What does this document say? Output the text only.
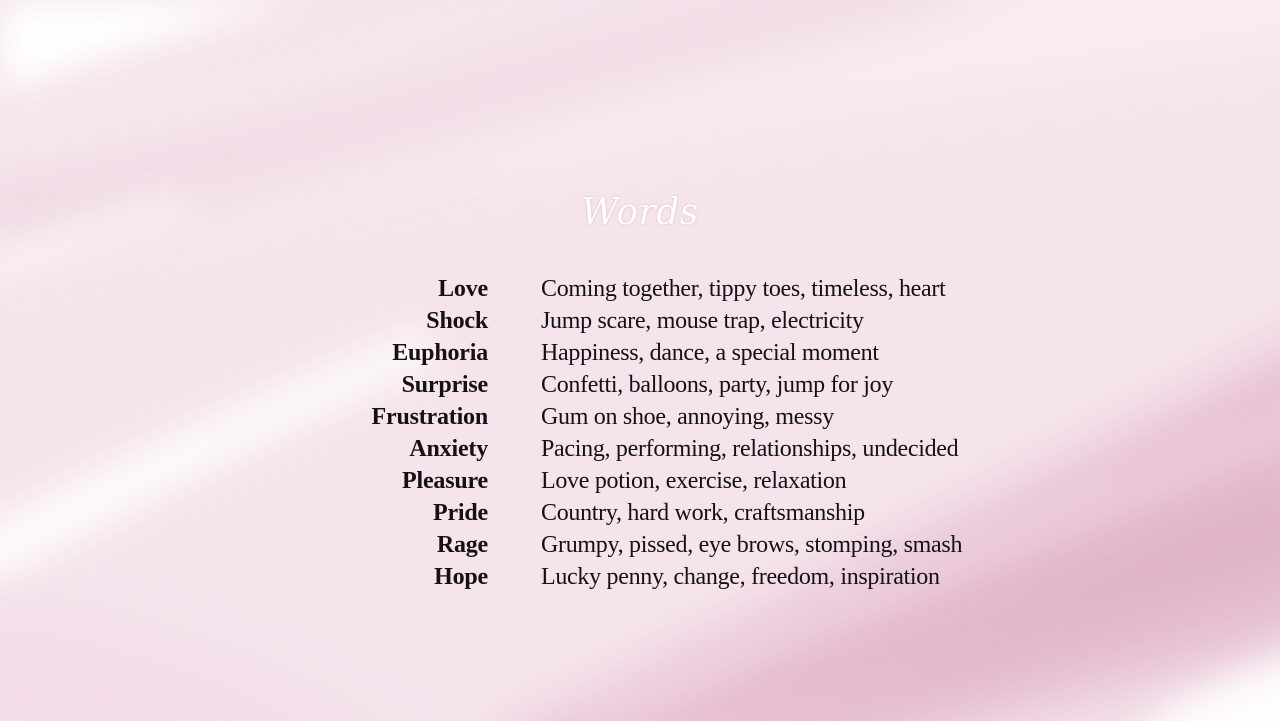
Words
Love Coming together, tippy toes, timeless, heart
Shock Jump scare, mouse trap, electricity
Euphoria Happiness, dance, a special moment
Surprise Confetti, balloons, party, jump for joy
Frustration Gum on shoe, annoying, messy
Anxiety Pacing, performing, relationships, undecided
Pleasure Love potion, exercise, relaxation
Pride Country, hard work, craftsmanship
Rage Grumpy, pissed, eye brows, stomping, smash
Hope Lucky penny, change, freedom, inspiration
